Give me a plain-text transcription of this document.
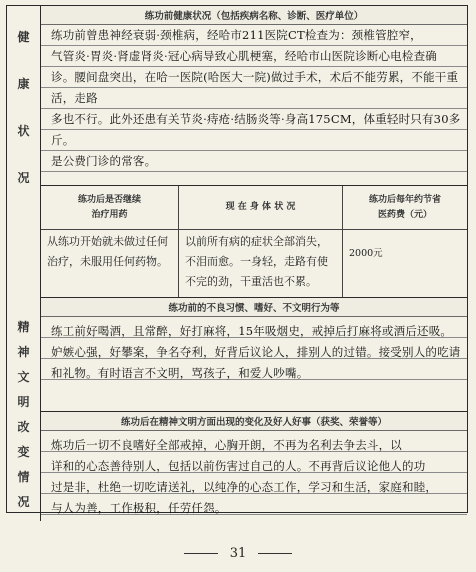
健
康
状
况
精
神
文
明
改
变
情
况
练功前健康状况（包括疾病名称、诊断、医疗单位）
练功前曾患神经衰弱·颈椎病，经哈市211医院CT检查为：颈椎管腔窄，
气管炎·胃炎·肾虚肾炎·冠心病导致心肌梗塞，经哈市山医院诊断心电检查确
诊。腰间盘突出，在哈一医院(哈医大一院)做过手术，术后不能劳累，不能干重活，走路
多也不行。此外还患有关节炎·痔疮·结肠炎等·身高175CM，体重轻时只有30多斤。
是公费门诊的常客。
练功后是否继续
治疗用药
从练功开始就未做过任何治疗，未服用任何药物。
现 在 身 体 状 况
以前所有病的症状全部消失，不泪而愈。一身轻，走路有使不完的劲，干重活也不累。
练功后每年约节省
医药费（元）
2000元
练功前的不良习惯、嗜好、不文明行为等
练工前好喝酒，且常醉，好打麻将，15年吸烟史，戒掉后打麻将或酒后还吸。
妒嫉心强，好攀案，争名夺利，好背后议论人，排别人的过错。接受别人的吃请
和礼物。有时语言不文明，骂孩子，和爱人吵嘴。
练功后在精神文明方面出现的变化及好人好事（获奖、荣誉等）
炼功后一切不良嗜好全部戒掉，心胸开朗，不再为名利去争去斗，以
详和的心态善待别人，包括以前伤害过自己的人。不再背后议论他人的功
过是非，杜绝一切吃请送礼，以纯净的心态工作，学习和生活，家庭和睦，
与人为善，工作极积，任劳任怨。
31
